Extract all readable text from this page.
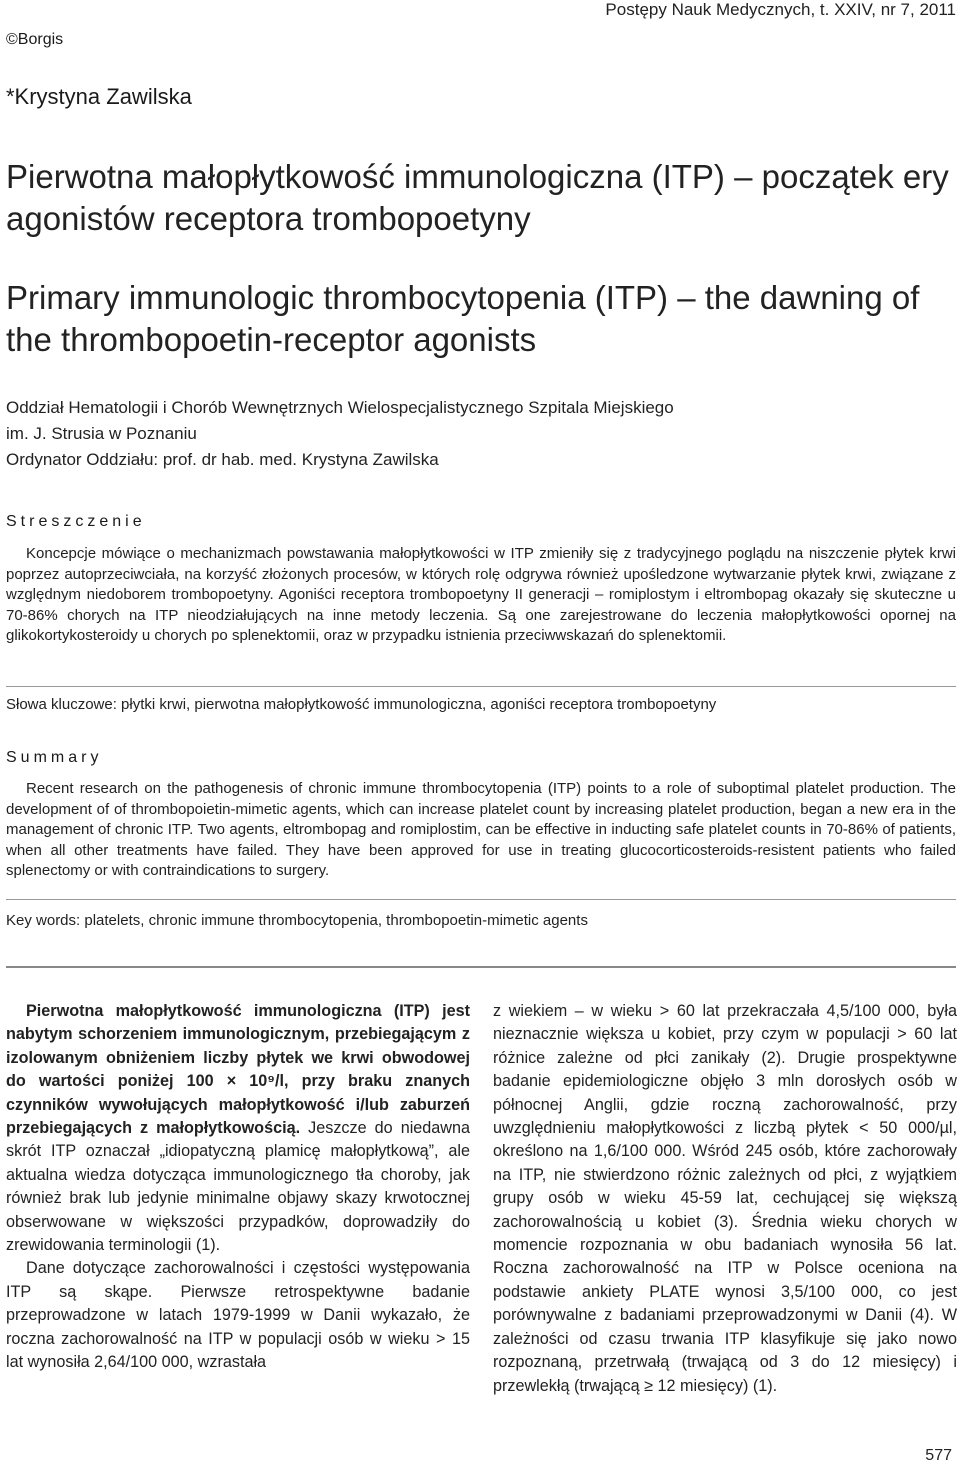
Postępy Nauk Medycznych, t. XXIV, nr 7, 2011
©Borgis
*Krystyna Zawilska
Pierwotna małopłytkowość immunologiczna (ITP) – początek ery agonistów receptora trombopoetyny
Primary immunologic thrombocytopenia (ITP) – the dawning of the thrombopoetin-receptor agonists
Oddział Hematologii i Chorób Wewnętrznych Wielospecjalistycznego Szpitala Miejskiego
im. J. Strusia w Poznaniu
Ordynator Oddziału: prof. dr hab. med. Krystyna Zawilska
Streszczenie
Koncepcje mówiące o mechanizmach powstawania małopłytkowości w ITP zmieniły się z tradycyjnego poglądu na niszczenie płytek krwi poprzez autoprzeciwciała, na korzyść złożonych procesów, w których rolę odgrywa również upośledzone wytwarzanie płytek krwi, związane z względnym niedoborem trombopoetyny. Agoniści receptora trombopoetyny II generacji – romiplostym i eltrombopag okazały się skuteczne u 70-86% chorych na ITP nieodziałujących na inne metody leczenia. Są one zarejestrowane do leczenia małopłytkowości opornej na glikokortykosteroidy u chorych po splenektomii, oraz w przypadku istnienia przeciwwskazań do splenektomii.
Słowa kluczowe: płytki krwi, pierwotna małopłytkowość immunologiczna, agoniści receptora trombopoetyny
Summary
Recent research on the pathogenesis of chronic immune thrombocytopenia (ITP) points to a role of suboptimal platelet production. The development of of thrombopoietin-mimetic agents, which can increase platelet count by increasing platelet production, began a new era in the management of chronic ITP. Two agents, eltrombopag and romiplostim, can be effective in inducting safe platelet counts in 70-86% of patients, when all other treatments have failed. They have been approved for use in treating glucocorticosteroids-resistent patients who failed splenectomy or with contraindications to surgery.
Key words: platelets, chronic immune thrombocytopenia, thrombopoetin-mimetic agents

Pierwotna małopłytkowość immunologiczna (ITP) jest nabytym schorzeniem immunologicznym, przebiegającym z izolowanym obniżeniem liczby płytek we krwi obwodowej do wartości poniżej 100 × 10⁹/l, przy braku znanych czynników wywołujących małopłytkowość i/lub zaburzeń przebiegających z małopłytkowością. Jeszcze do niedawna skrót ITP oznaczał „idiopatyczną plamicę małopłytkową”, ale aktualna wiedza dotycząca immunologicznego tła choroby, jak również brak lub jedynie minimalne objawy skazy krwotocznej obserwowane w większości przypadków, doprowadziły do zrewidowania terminologii (1).

Dane dotyczące zachorowalności i częstości występowania ITP są skąpe. Pierwsze retrospektywne badanie przeprowadzone w latach 1979-1999 w Danii wykazało, że roczna zachorowalność na ITP w populacji osób w wieku > 15 lat wynosiła 2,64/100 000, wzrastała

z wiekiem – w wieku > 60 lat przekraczała 4,5/100 000, była nieznacznie większa u kobiet, przy czym w populacji > 60 lat różnice zależne od płci zanikały (2). Drugie prospektywne badanie epidemiologiczne objęło 3 mln dorosłych osób w północnej Anglii, gdzie roczną zachorowalność, przy uwzględnieniu małopłytkowości z liczbą płytek < 50 000/µl, określono na 1,6/100 000. Wśród 245 osób, które zachorowały na ITP, nie stwierdzono różnic zależnych od płci, z wyjątkiem grupy osób w wieku 45-59 lat, cechującej się większą zachorowalnością u kobiet (3). Średnia wieku chorych w momencie rozpoznania w obu badaniach wynosiła 56 lat. Roczna zachorowalność na ITP w Polsce oceniona na podstawie ankiety PLATE wynosi 3,5/100 000, co jest porównywalne z badaniami przeprowadzonymi w Danii (4). W zależności od czasu trwania ITP klasyfikuje się jako nowo rozpoznaną, przetrwałą (trwającą od 3 do 12 miesięcy) i przewlekłą (trwającą ≥ 12 miesięcy) (1).

577
